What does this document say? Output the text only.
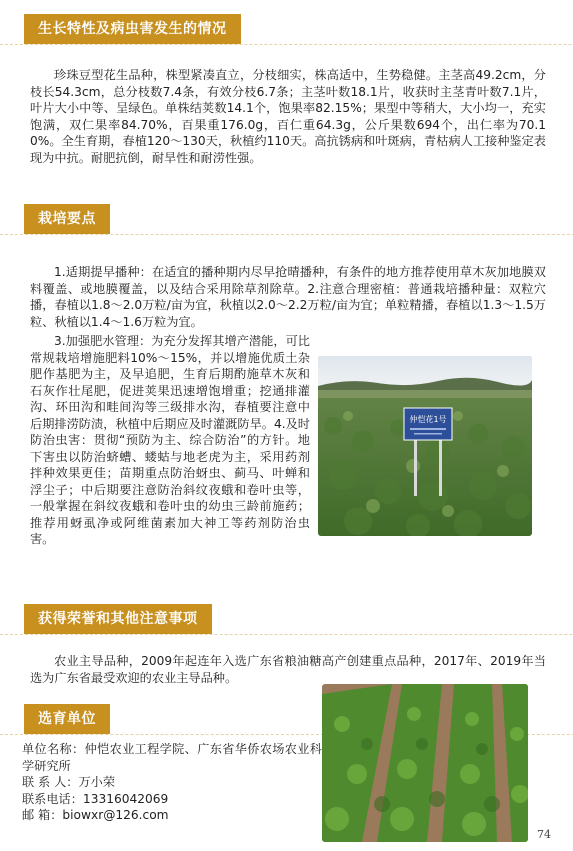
生长特性及病虫害发生的情况

珍珠豆型花生品种，株型紧凑直立，分枝细实，株高适中，生势稳健。主茎高49.2cm，分枝长54.3cm，总分枝数7.4条，有效分枝6.7条；主茎叶数18.1片，收获时主茎青叶数7.1片，叶片大小中等、呈绿色。单株结荚数14.1个，饱果率82.15%；果型中等稍大，大小均一，充实饱满，双仁果率84.70%，百果重176.0g，百仁重64.3g，公斤果数694个，出仁率为70.10%。全生育期，春植120～130天，秋植约110天。高抗锈病和叶斑病，青枯病人工接种鉴定表现为中抗。耐肥抗倒，耐旱性和耐涝性强。

栽培要点

1.适期提早播种：在适宜的播种期内尽早抢晴播种，有条件的地方推荐使用草木灰加地膜双料覆盖、或地膜覆盖，以及结合采用除草剂除草。2.注意合理密植：普通栽培播种量：双粒穴播，春植以1.8～2.0万粒/亩为宜，秋植以2.0～2.2万粒/亩为宜；单粒精播，春植以1.3～1.5万粒、秋植以1.4～1.6万粒为宜。

3.加强肥水管理：为充分发挥其增产潜能，可比常规栽培增施肥料10%～15%，并以增施优质土杂肥作基肥为主，及早追肥，生育后期酌施草木灰和石灰作壮尾肥，促进荚果迅速增饱增重；挖通排灌沟、环田沟和畦间沟等三级排水沟，春植要注意中后期排涝防渍，秋植中后期应及时灌溉防旱。4.及时防治虫害：贯彻“预防为主、综合防治”的方针。地下害虫以防治蛴螬、蝼蛄与地老虎为主，采用药剂拌种效果更佳；苗期重点防治蚜虫、蓟马、叶蝉和浮尘子；中后期要注意防治斜纹夜蛾和卷叶虫等，一般掌握在斜纹夜蛾和卷叶虫的幼虫三龄前施药；推荐用蚜虱净或阿维菌素加大神工等药剂防治虫害。

仲恺花1号
获得荣誉和其他注意事项

农业主导品种，2009年起连年入选广东省粮油糖高产创建重点品种，2017年、2019年当选为广东省最受欢迎的农业主导品种。

选育单位

单位名称：仲恺农业工程学院、广东省华侨农场农业科学研究所

联 系 人：万小荣

联系电话：13316042069

邮 箱：biowxr@126.com

74
